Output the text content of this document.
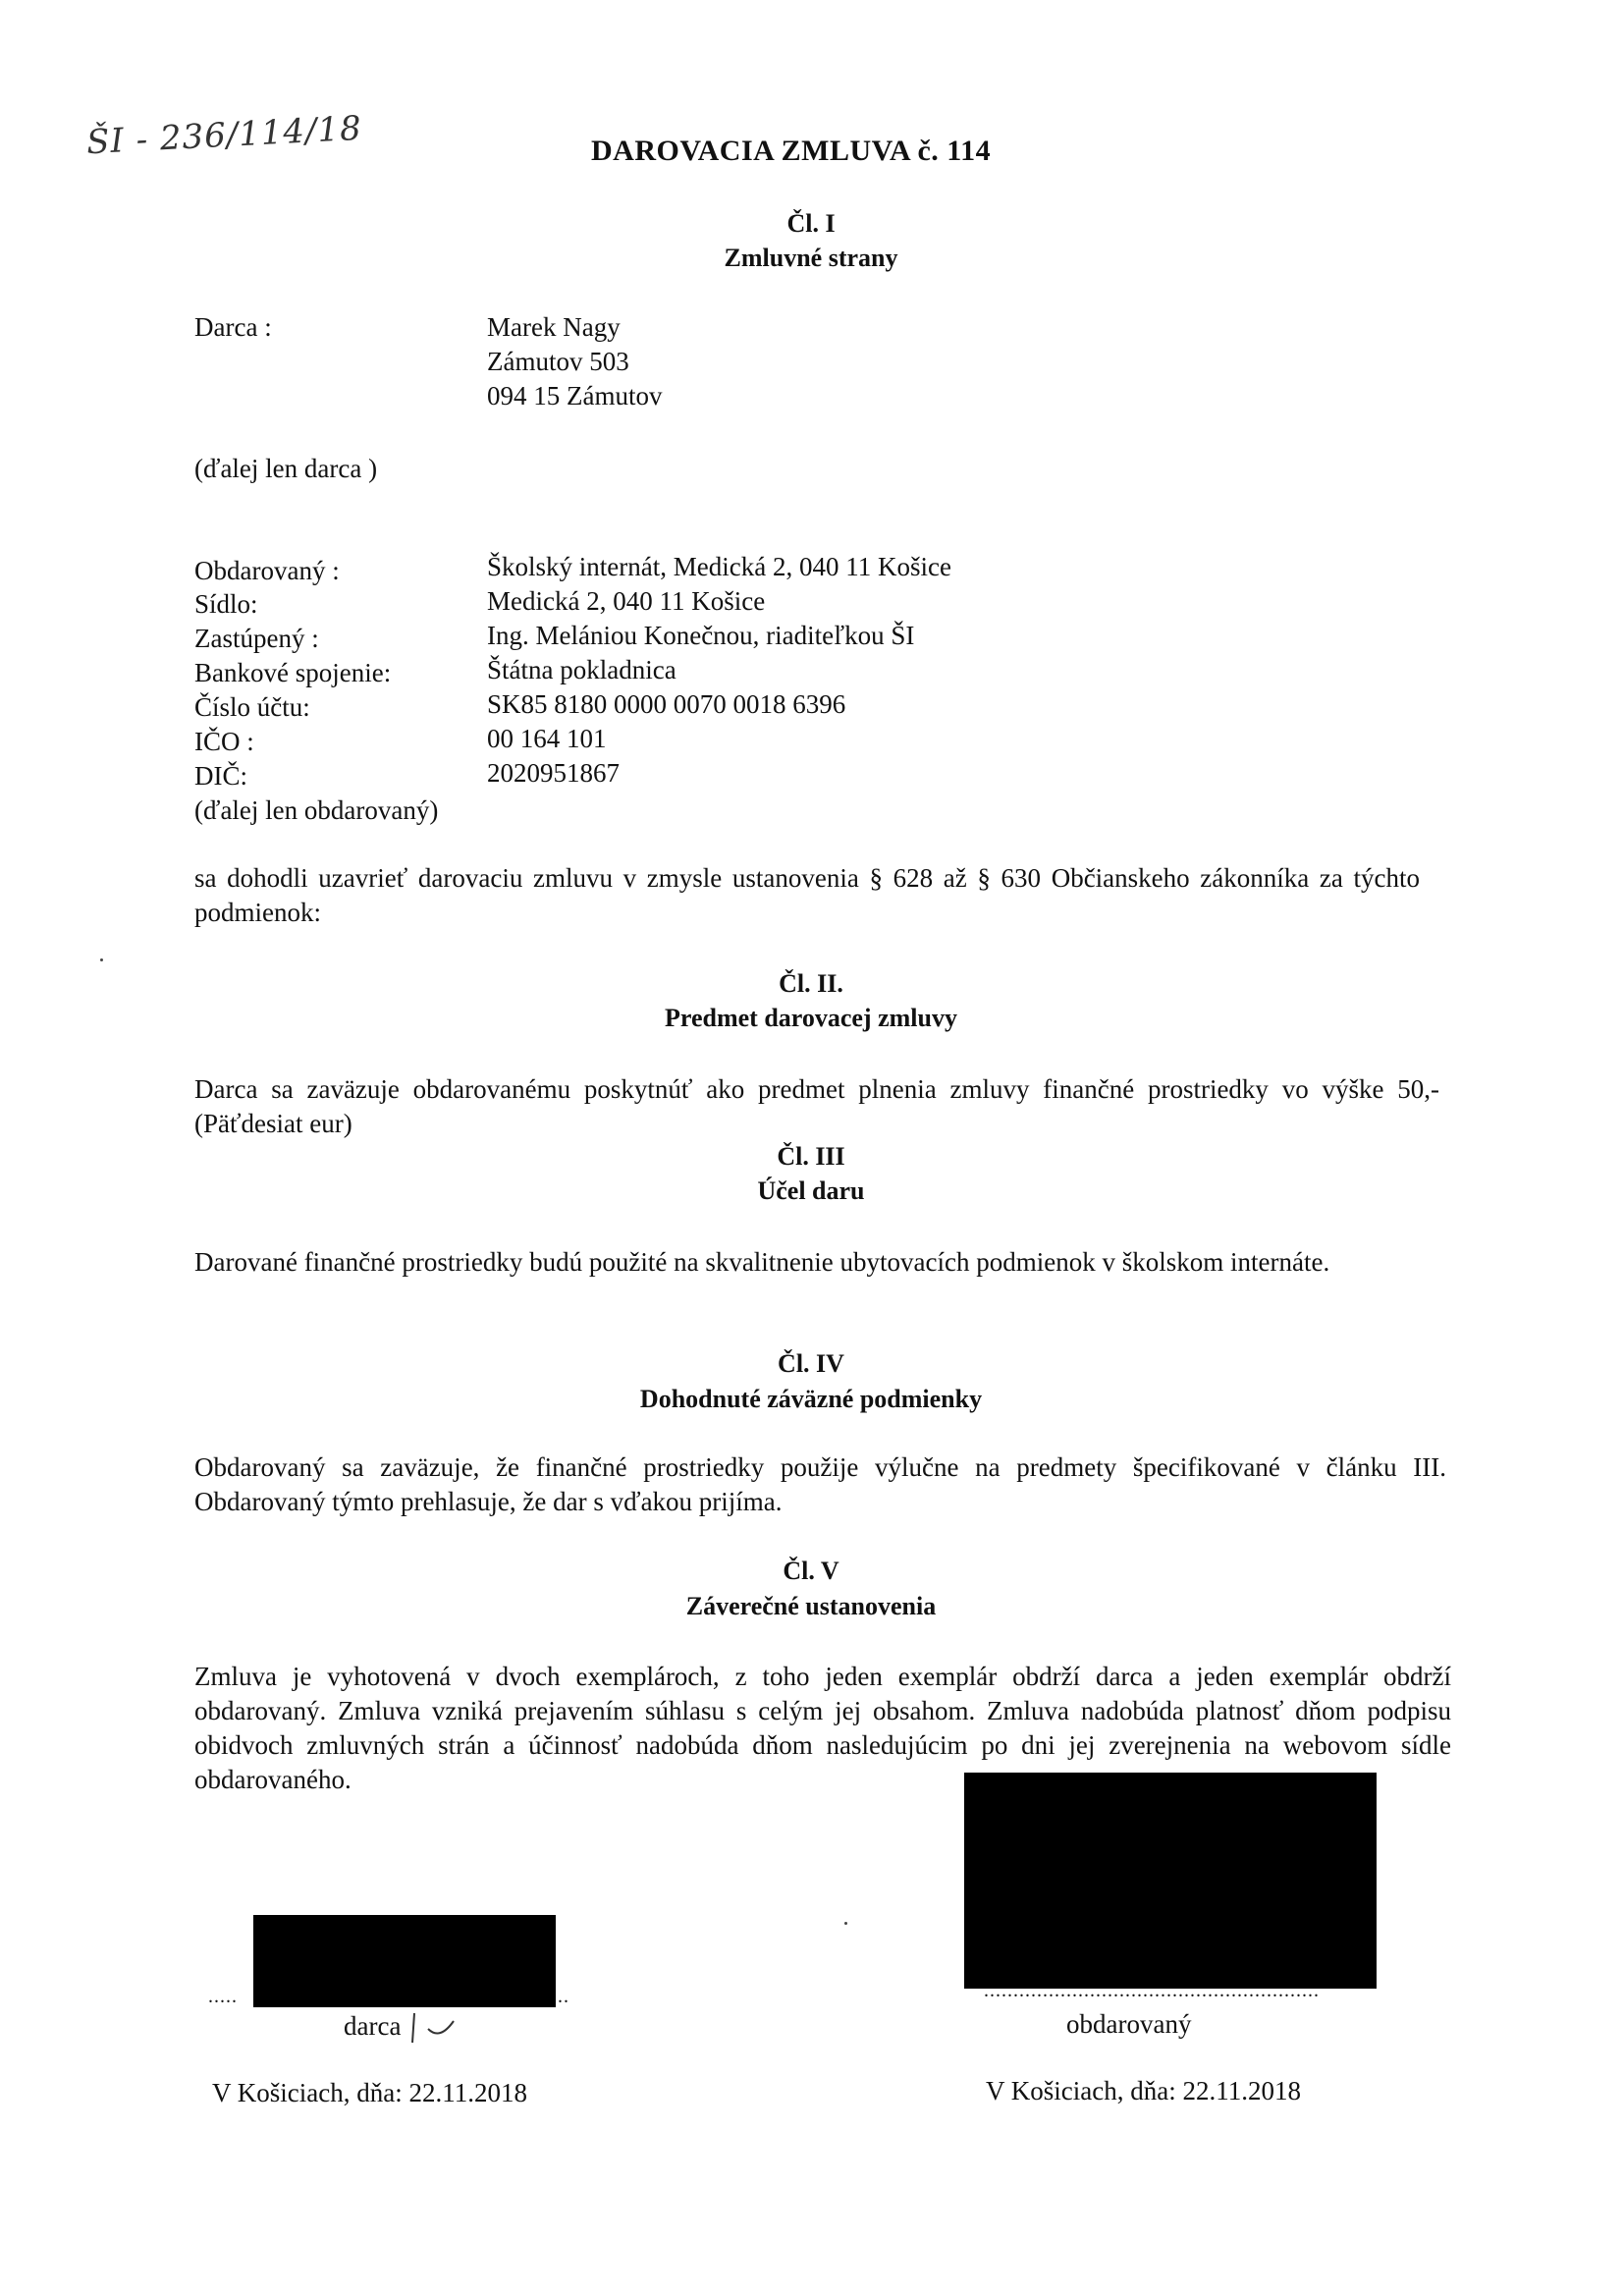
ŠI - 236/114/18	DAROVACIA ZMLUVA č. 114
Čl. I
Zmluvné strany
Darca :	Marek Nagy
Zámutov 503
094 15 Zámutov
(ďalej len darca )
Obdarovaný :	Školský internát, Medická 2, 040 11 Košice
Sídlo:	Medická 2, 040 11 Košice
Zastúpený :	Ing. Melániou Konečnou, riaditeľkou ŠI
Bankové spojenie:	Štátna pokladnica
Číslo účtu:	SK85 8180 0000 0070 0018 6396
IČO :	00 164 101
DIČ:	2020951867
(ďalej len obdarovaný)
sa dohodli uzavrieť darovaciu zmluvu v zmysle ustanovenia § 628 až § 630 Občianskeho zákonníka za týchto podmienok:
Čl. II.
Predmet darovacej zmluvy
Darca sa zaväzuje obdarovanému poskytnúť ako predmet plnenia zmluvy finančné prostriedky vo výške 50,- (Päťdesiat eur)
Čl. III
Účel daru
Darované finančné prostriedky budú použité na skvalitnenie ubytovacích podmienok v školskom internáte.
Čl. IV
Dohodnuté záväzné podmienky
Obdarovaný sa zaväzuje, že finančné prostriedky použije výlučne na predmety špecifikované v článku III. Obdarovaný týmto prehlasuje, že dar s vďakou prijíma.
Čl. V
Záverečné ustanovenia
Zmluva je vyhotovená v dvoch exemplároch, z toho jeden exemplár obdrží darca a jeden exemplár obdrží obdarovaný. Zmluva vzniká prejavením súhlasu s celým jej obsahom. Zmluva nadobúda platnosť dňom podpisu obidvoch zmluvných strán a účinnosť nadobúda dňom nasledujúcim po dni jej zverejnenia na webovom sídle obdarovaného.
.....	..	.........................................................
darca	obdarovaný
V Košiciach, dňa: 22.11.2018	V Košiciach, dňa: 22.11.2018
